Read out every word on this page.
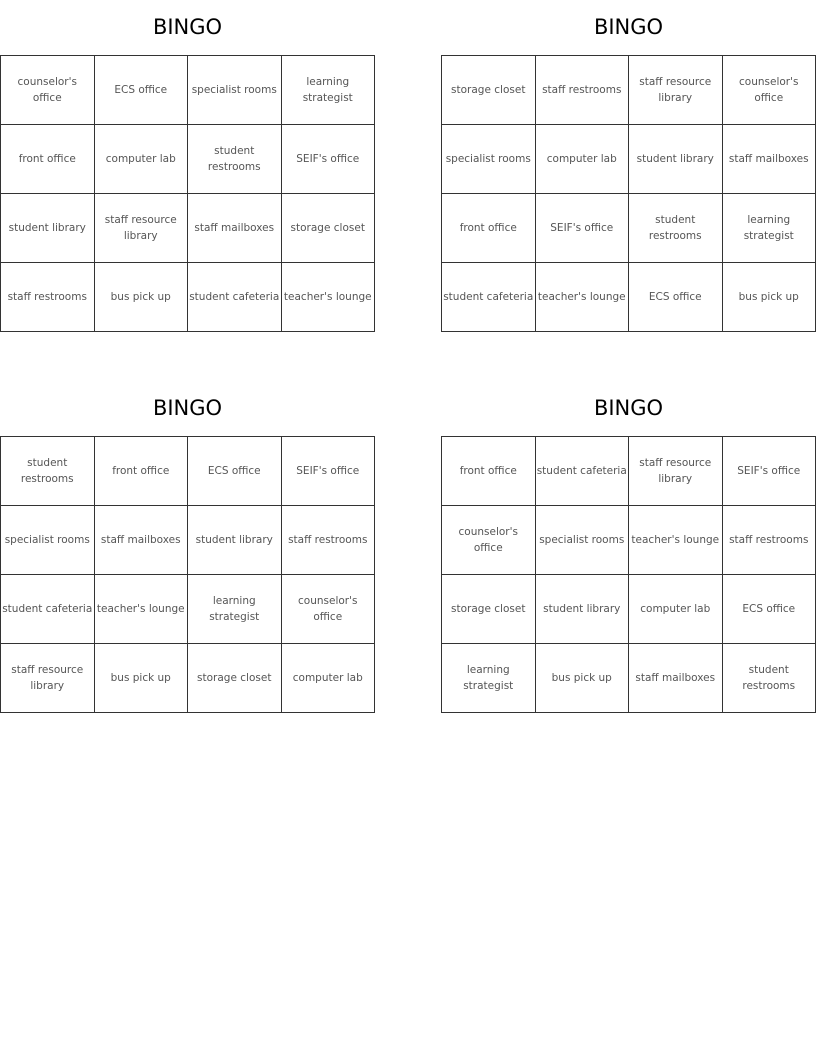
BINGO
counselor's office	ECS office	specialist rooms	learning strategist
front office	computer lab	student restrooms	SEIF's office
student library	staff resource library	staff mailboxes	storage closet
staff restrooms	bus pick up	student cafeteria	teacher's lounge
BINGO
storage closet	staff restrooms	staff resource library	counselor's office
specialist rooms	computer lab	student library	staff mailboxes
front office	SEIF's office	student restrooms	learning strategist
student cafeteria	teacher's lounge	ECS office	bus pick up
BINGO
student restrooms	front office	ECS office	SEIF's office
specialist rooms	staff mailboxes	student library	staff restrooms
student cafeteria	teacher's lounge	learning strategist	counselor's office
staff resource library	bus pick up	storage closet	computer lab
BINGO
front office	student cafeteria	staff resource library	SEIF's office
counselor's office	specialist rooms	teacher's lounge	staff restrooms
storage closet	student library	computer lab	ECS office
learning strategist	bus pick up	staff mailboxes	student restrooms
